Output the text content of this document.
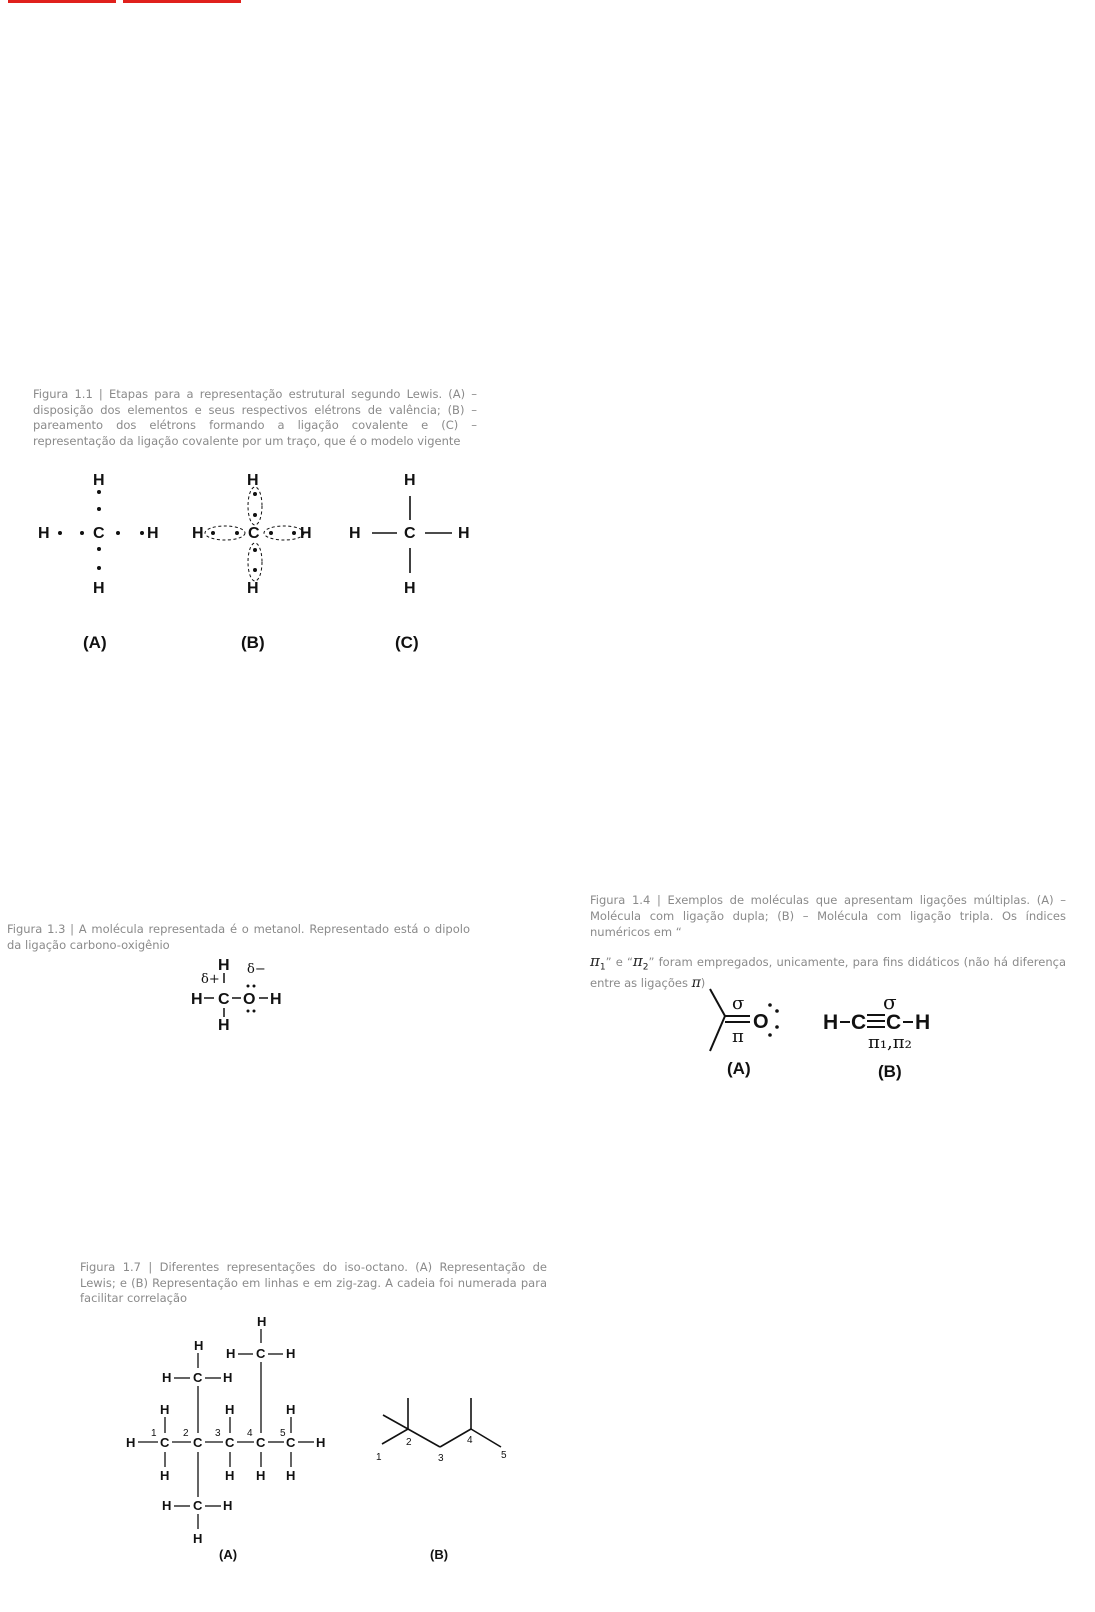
Figura 1.1 | Etapas para a representação estrutural segundo Lewis. (A) – disposição dos elementos e seus respectivos elétrons de valência; (B) – pareamento dos elétrons formando a ligação covalente e (C) – representação da ligação covalente por um traço, que é o modelo vigente
H
C
H
H	H
(A)
H
C
H
H	H
(B)
H
C
H
H	H
(C)
Figura 1.3 | A molécula representada é o metanol. Representado está o dipolo da ligação carbono-oxigênio
H
δ+
δ−
H C O H
H
Figura 1.4 | Exemplos de moléculas que apresentam ligações múltiplas. (A) – Molécula com ligação dupla; (B) – Molécula com ligação tripla. Os índices numéricos em “
$\pi_1$” e “$\pi_2$” foram empregados, unicamente, para fins didáticos (não há diferença entre as ligações π)
σ
π
O
(A)
H C
σ
C H
π₁,π₂
(B)
Figura 1.7 | Diferentes representações do iso-octano. (A) Representação de Lewis; e (B) Representação em linhas e em zig-zag. A cadeia foi numerada para facilitar correlação
H
H C H
H
H C H
H	H	H
1	2	3	4	5
H C C C C C H
H	H H H
H C H
H
(A)
1
2
3
4
5
(B)
